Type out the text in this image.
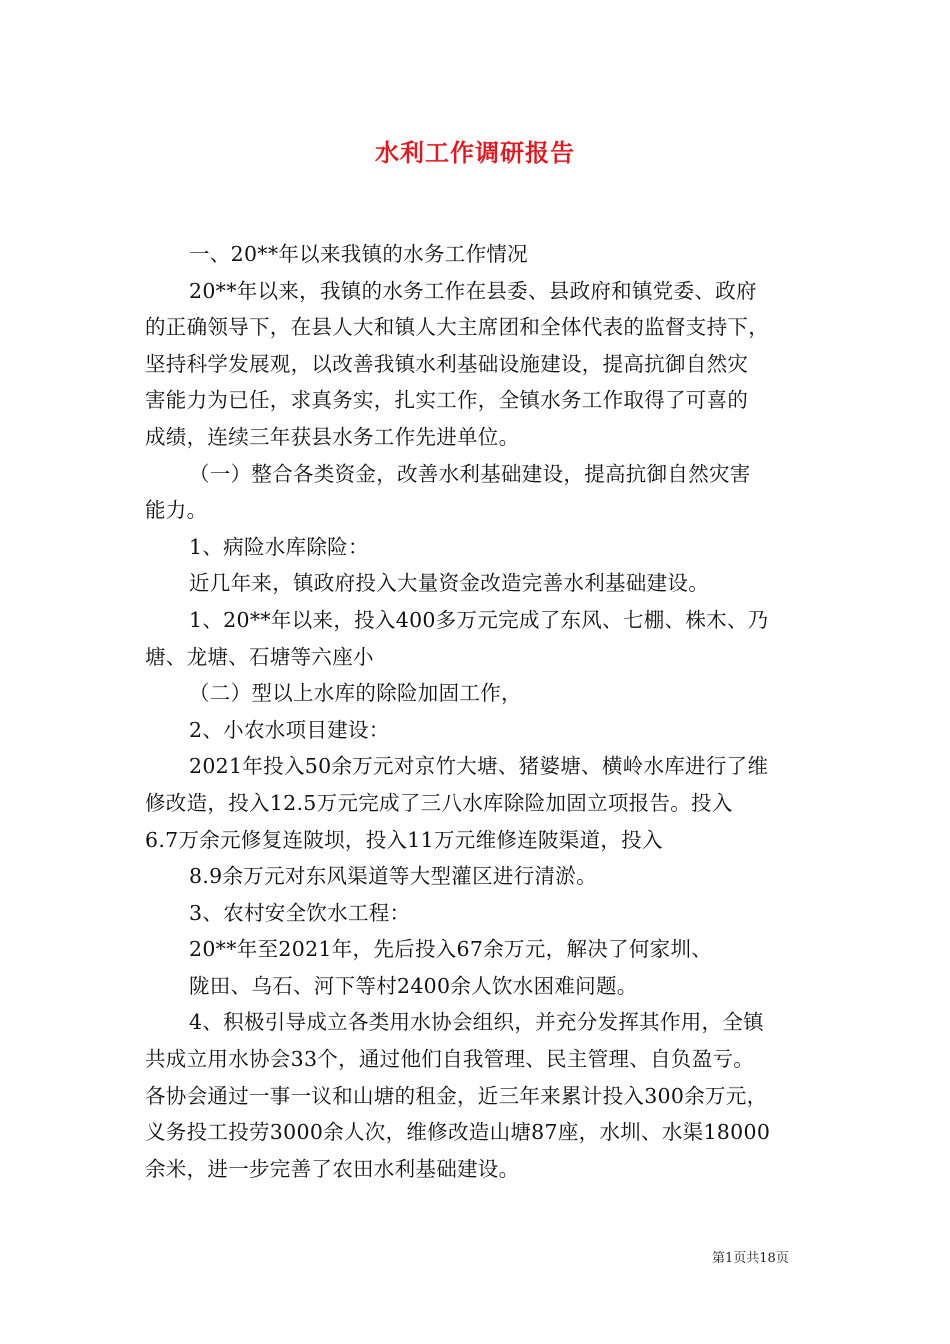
水利工作调研报告
一、20**年以来我镇的水务工作情况
20**年以来，我镇的水务工作在县委、县政府和镇党委、政府
的正确领导下，在县人大和镇人大主席团和全体代表的监督支持下，
坚持科学发展观，以改善我镇水利基础设施建设，提高抗御自然灾
害能力为已任，求真务实，扎实工作，全镇水务工作取得了可喜的
成绩，连续三年获县水务工作先进单位。
（一）整合各类资金，改善水利基础建设，提高抗御自然灾害
能力。
1、病险水库除险：
近几年来，镇政府投入大量资金改造完善水利基础建设。
1、20**年以来，投入400多万元完成了东风、七棚、株木、乃
塘、龙塘、石塘等六座小
（二）型以上水库的除险加固工作，
2、小农水项目建设：
2021年投入50余万元对京竹大塘、猪婆塘、横岭水库进行了维
修改造，投入12.5万元完成了三八水库除险加固立项报告。投入
6.7万余元修复连陂坝，投入11万元维修连陂渠道，投入
8.9余万元对东风渠道等大型灌区进行清淤。
3、农村安全饮水工程：
20**年至2021年，先后投入67余万元，解决了何家圳、
陇田、乌石、河下等村2400余人饮水困难问题。
4、积极引导成立各类用水协会组织，并充分发挥其作用，全镇
共成立用水协会33个，通过他们自我管理、民主管理、自负盈亏。
各协会通过一事一议和山塘的租金，近三年来累计投入300余万元，
义务投工投劳3000余人次，维修改造山塘87座，水圳、水渠18000
余米，进一步完善了农田水利基础建设。
第1页共18页
